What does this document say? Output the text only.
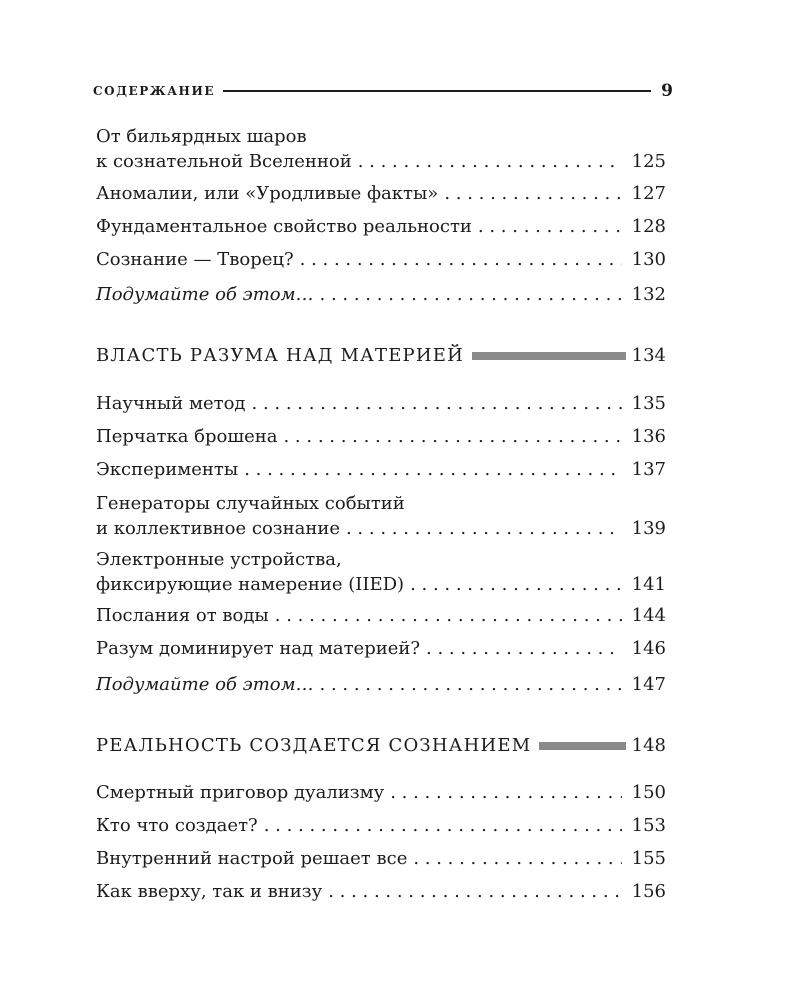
СОДЕРЖАНИЕ	9
От бильярдных шаров
к сознательной Вселенной . . .	125
Аномалии, или «Уродливые факты» . . .	127
Фундаментальное свойство реальности . . .	128
Сознание — Творец? . . .	130
Подумайте об этом… . . .	132
ВЛАСТЬ РАЗУМА НАД МАТЕРИЕЙ	134
Научный метод . . .	135
Перчатка брошена . . .	136
Эксперименты . . .	137
Генераторы случайных событий
и коллективное сознание . . .	139
Электронные устройства,
фиксирующие намерение (IIED) . . .	141
Послания от воды . . .	144
Разум доминирует над материей? . . .	146
Подумайте об этом… . . .	147
РЕАЛЬНОСТЬ СОЗДАЕТСЯ СОЗНАНИЕМ	148
Смертный приговор дуализму . . .	150
Кто что создает? . . .	153
Внутренний настрой решает все . . .	155
Как вверху, так и внизу . . .	156
